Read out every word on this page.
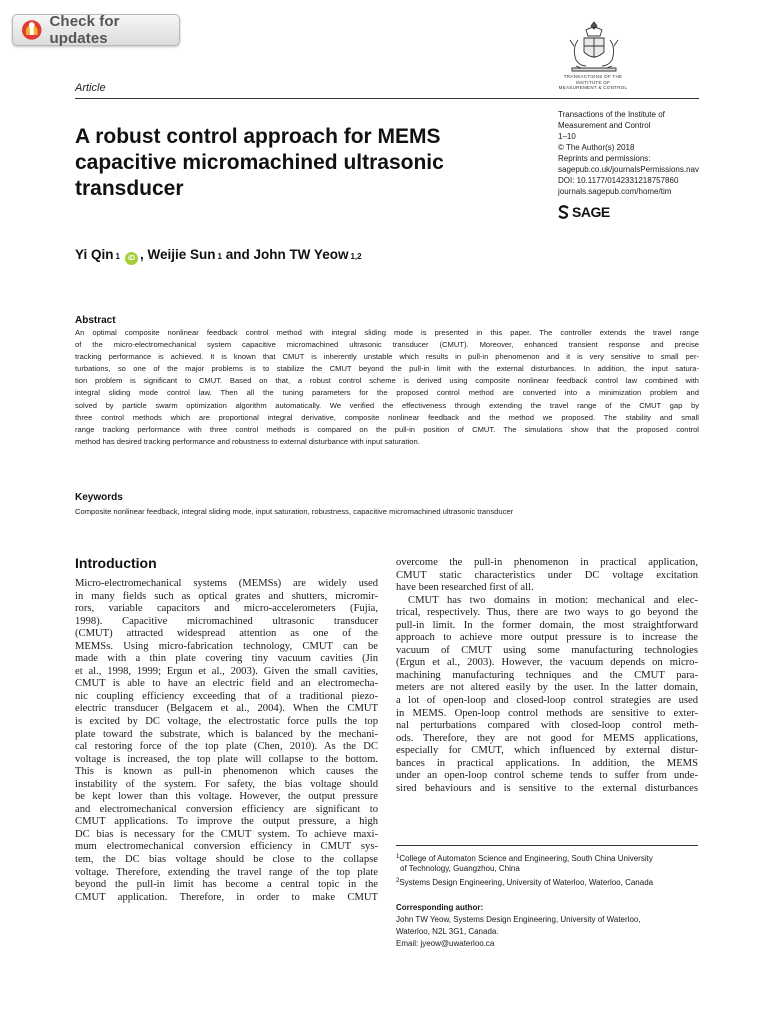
Check for updates
Article
TRANSACTIONS OF THE
INSTITUTE OF
MEASUREMENT & CONTROL
Transactions of the Institute of
Measurement and Control
1–10
© The Author(s) 2018
Reprints and permissions:
sagepub.co.uk/journalsPermissions.nav
DOI: 10.1177/0142331218757860
journals.sagepub.com/home/tim
SAGE
A robust control approach for MEMS
capacitive micromachined ultrasonic
transducer
Yi Qin 1	iD , Weijie Sun 1 and John TW Yeow 1,2
Abstract
An optimal composite nonlinear feedback control method with integral sliding mode is presented in this paper. The controller extends the travel range
of the micro-electromechanical system capacitive micromachined ultrasonic transducer (CMUT). Moreover, enhanced transient response and precise
tracking performance is achieved. It is known that CMUT is inherently unstable which results in pull-in phenomenon and it is very sensitive to small per-
turbations, so one of the major problems is to stabilize the CMUT beyond the pull-in limit with the external disturbances. In addition, the input satura-
tion problem is significant to CMUT. Based on that, a robust control scheme is derived using composite nonlinear feedback control law combined with
integral sliding mode control law. Then all the tuning parameters for the proposed control method are converted into a minimization problem and
solved by particle swarm optimization algorithm automatically. We verified the effectiveness through extending the travel range of the CMUT gap by
three control methods which are proportional integral derivative, composite nonlinear feedback and the method we proposed. The stability and small
range tracking performance with three control methods is compared on the pull-in position of CMUT. The simulations show that the proposed control
method has desired tracking performance and robustness to external disturbance with input saturation.
Keywords
Composite nonlinear feedback, integral sliding mode, input saturation, robustness, capacitive micromachined ultrasonic transducer
Introduction
Micro-electromechanical systems (MEMSs) are widely used
in many fields such as optical grates and shutters, micromir-
rors, variable capacitors and micro-accelerometers (Fujia,
1998). Capacitive micromachined ultrasonic transducer
(CMUT) attracted widespread attention as one of the
MEMSs. Using micro-fabrication technology, CMUT can be
made with a thin plate covering tiny vacuum cavities (Jin
et al., 1998, 1999; Ergun et al., 2003). Given the small cavities,
CMUT is able to have an electric field and an electromecha-
nic coupling efficiency exceeding that of a traditional piezo-
electric transducer (Belgacem et al., 2004). When the CMUT
is excited by DC voltage, the electrostatic force pulls the top
plate toward the substrate, which is balanced by the mechani-
cal restoring force of the top plate (Chen, 2010). As the DC
voltage is increased, the top plate will collapse to the bottom.
This is known as pull-in phenomenon which causes the
instability of the system. For safety, the bias voltage should
be kept lower than this voltage. However, the output pressure
and electromechanical conversion efficiency are significant to
CMUT applications. To improve the output pressure, a high
DC bias is necessary for the CMUT system. To achieve maxi-
mum electromechanical conversion efficiency in CMUT sys-
tem, the DC bias voltage should be close to the collapse
voltage. Therefore, extending the travel range of the top plate
beyond the pull-in limit has become a central topic in the
CMUT application. Therefore, in order to make CMUT
overcome the pull-in phenomenon in practical application,
CMUT static characteristics under DC voltage excitation
have been researched first of all.
CMUT has two domains in motion: mechanical and elec-
trical, respectively. Thus, there are two ways to go beyond the
pull-in limit. In the former domain, the most straightforward
approach to achieve more output pressure is to increase the
vacuum of CMUT using some manufacturing technologies
(Ergun et al., 2003). However, the vacuum depends on micro-
machining manufacturing techniques and the CMUT para-
meters are not altered easily by the user. In the latter domain,
a lot of open-loop and closed-loop control strategies are used
in MEMS. Open-loop control methods are sensitive to exter-
nal perturbations compared with closed-loop control meth-
ods. Therefore, they are not good for MEMS applications,
especially for CMUT, which influenced by external distur-
bances in practical applications. In addition, the MEMS
under an open-loop control scheme tends to suffer from unde-
sired behaviours and is sensitive to the external disturbances
$^1$College of Automaton Science and Engineering, South China University
of Technology, Guangzhou, China
$^2$Systems Design Engineering, University of Waterloo, Waterloo, Canada
Corresponding author:
John TW Yeow, Systems Design Engineering, University of Waterloo,
Waterloo, N2L 3G1, Canada.
Email: jyeow@uwaterloo.ca
